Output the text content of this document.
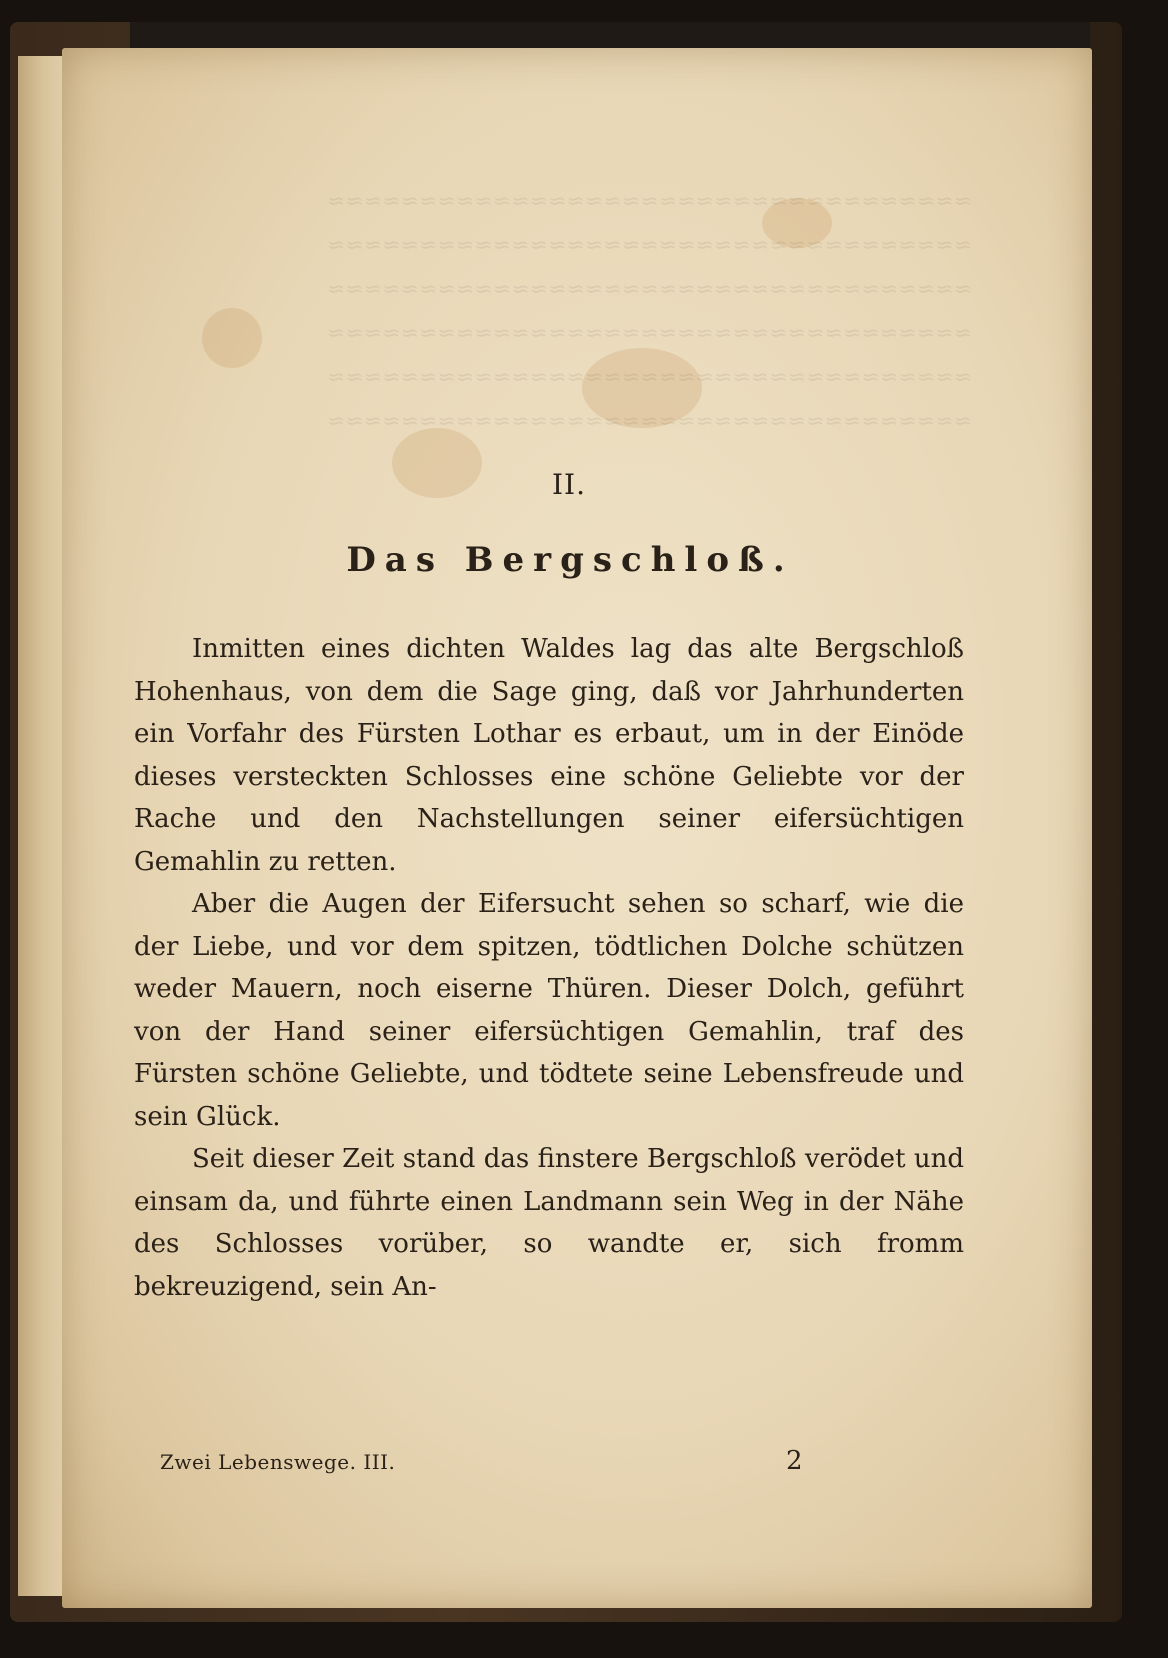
II.
Das Bergschloß.

Inmitten eines dichten Waldes lag das alte Bergschloß Hohenhaus, von dem die Sage ging, daß vor Jahrhunderten ein Vorfahr des Fürsten Lothar es erbaut, um in der Einöde dieses versteckten Schlosses eine schöne Geliebte vor der Rache und den Nachstellungen seiner eifersüchtigen Gemahlin zu retten.

Aber die Augen der Eifersucht sehen so scharf, wie die der Liebe, und vor dem spitzen, tödtlichen Dolche schützen weder Mauern, noch eiserne Thüren. Dieser Dolch, geführt von der Hand seiner eifersüchtigen Gemahlin, traf des Fürsten schöne Geliebte, und tödtete seine Lebensfreude und sein Glück.

Seit dieser Zeit stand das finstere Bergschloß verödet und einsam da, und führte einen Landmann sein Weg in der Nähe des Schlosses vorüber, so wandte er, sich fromm bekreuzigend, sein An-

Zwei Lebenswege. III.	2
